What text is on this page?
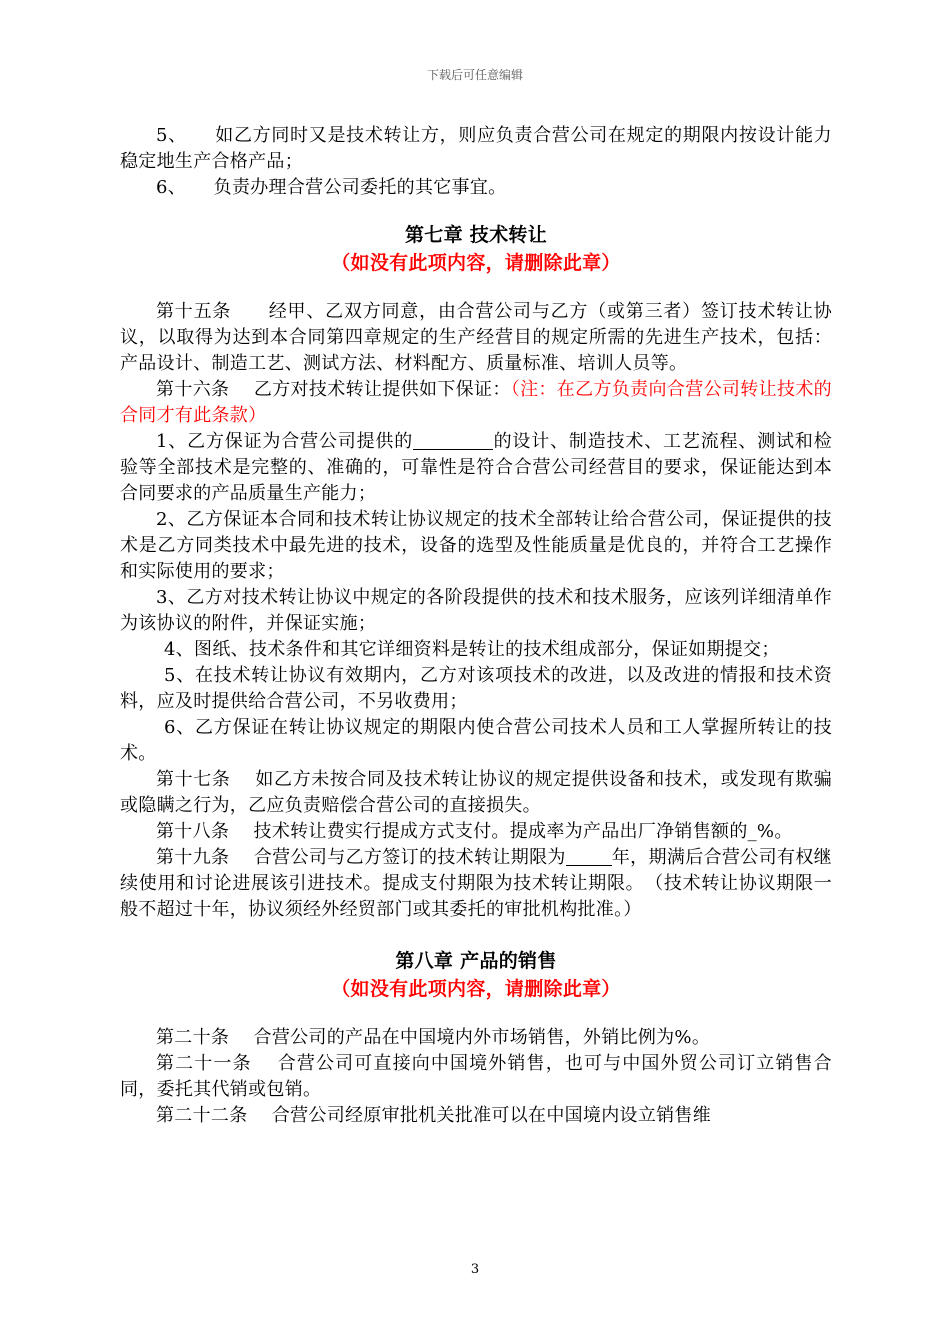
下载后可任意编辑

5、　　如乙方同时又是技术转让方，则应负责合营公司在规定的期限内按设计能力稳定地生产合格产品；

6、　　负责办理合营公司委托的其它事宜。

第七章 技术转让

（如没有此项内容，请删除此章）

第十五条　　经甲、乙双方同意，由合营公司与乙方（或第三者）签订技术转让协议，以取得为达到本合同第四章规定的生产经营目的规定所需的先进生产技术，包括：产品设计、制造工艺、测试方法、材料配方、质量标准、培训人员等。

第十六条　 乙方对技术转让提供如下保证：（注：在乙方负责向合营公司转让技术的合同才有此条款）

1、乙方保证为合营公司提供的	的设计、制造技术、工艺流程、测试和检验等全部技术是完整的、准确的，可靠性是符合合营公司经营目的要求，保证能达到本合同要求的产品质量生产能力；

2、乙方保证本合同和技术转让协议规定的技术全部转让给合营公司，保证提供的技术是乙方同类技术中最先进的技术，设备的选型及性能质量是优良的，并符合工艺操作和实际使用的要求；

3、乙方对技术转让协议中规定的各阶段提供的技术和技术服务，应该列详细清单作为该协议的附件，并保证实施；

4、图纸、技术条件和其它详细资料是转让的技术组成部分，保证如期提交；

5、在技术转让协议有效期内，乙方对该项技术的改进，以及改进的情报和技术资料，应及时提供给合营公司，不另收费用；

6、乙方保证在转让协议规定的期限内使合营公司技术人员和工人掌握所转让的技术。

第十七条　 如乙方未按合同及技术转让协议的规定提供设备和技术，或发现有欺骗或隐瞒之行为，乙应负责赔偿合营公司的直接损失。

第十八条　 技术转让费实行提成方式支付。提成率为产品出厂净销售额的_%。

第十九条　 合营公司与乙方签订的技术转让期限为	年，期满后合营公司有权继续使用和讨论进展该引进技术。提成支付期限为技术转让期限。　（技术转让协议期限一般不超过十年，协议须经外经贸部门或其委托的审批机构批准。）

第八章 产品的销售

（如没有此项内容，请删除此章）

第二十条　 合营公司的产品在中国境内外市场销售，外销比例为%。

第二十一条　 合营公司可直接向中国境外销售，也可与中国外贸公司订立销售合同，委托其代销或包销。

第二十二条　 合营公司经原审批机关批准可以在中国境内设立销售维

3
